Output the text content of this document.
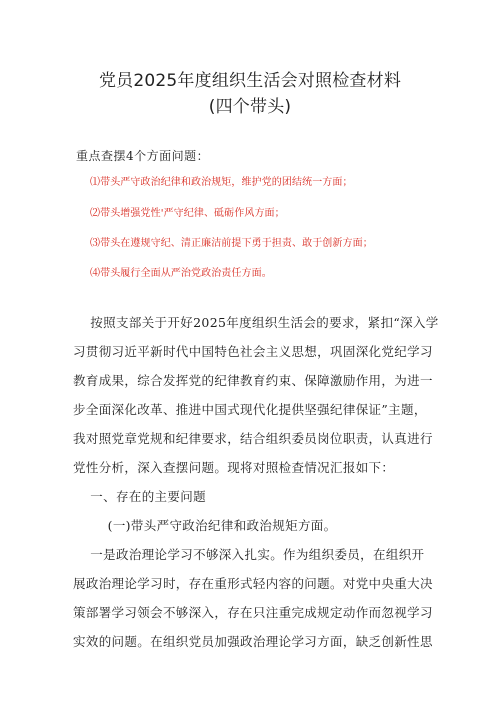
党员2025年度组织生活会对照检查材料
(四个带头)
重点查摆4个方面问题：
⑴带头严守政治纪律和政治规矩，维护党的团结统一方面；
⑵带头增强党性'严守纪律、砥砺作风方面；
⑶带头在遵规守纪、清正廉洁前提下勇于担责、敢于创新方面；
⑷带头履行全面从严治党政治责任方面。
按照支部关于开好2025年度组织生活会的要求，紧扣“深入学
习贯彻习近平新时代中国特色社会主义思想，巩固深化党纪学习
教育成果，综合发挥党的纪律教育约束、保障激励作用，为进一
步全面深化改革、推进中国式现代化提供坚强纪律保证”主题，
我对照党章党规和纪律要求，结合组织委员岗位职责，认真进行
党性分析，深入查摆问题。现将对照检查情况汇报如下：
一、存在的主要问题
(一)带头严守政治纪律和政治规矩方面。
一是政治理论学习不够深入扎实。作为组织委员，在组织开
展政治理论学习时，存在重形式轻内容的问题。对党中央重大决
策部署学习领会不够深入，存在只注重完成规定动作而忽视学习
实效的问题。在组织党员加强政治理论学习方面，缺乏创新性思
